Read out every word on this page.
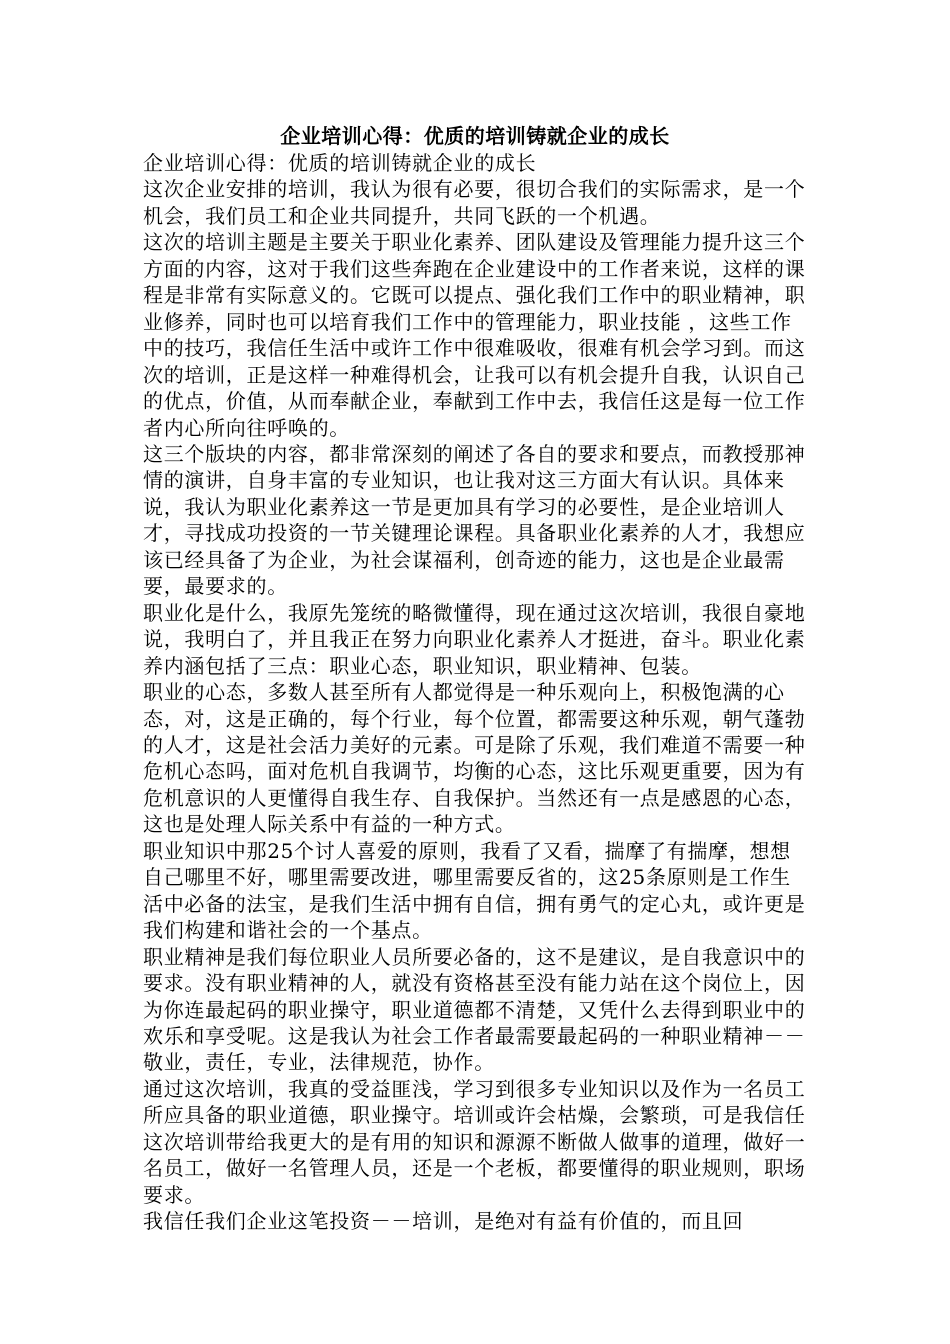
企业培训心得：优质的培训铸就企业的成长

企业培训心得：优质的培训铸就企业的成长

这次企业安排的培训，我认为很有必要，很切合我们的实际需求，是一个机会，我们员工和企业共同提升，共同飞跃的一个机遇。

这次的培训主题是主要关于职业化素养、团队建设及管理能力提升这三个方面的内容，这对于我们这些奔跑在企业建设中的工作者来说，这样的课程是非常有实际意义的。它既可以提点、强化我们工作中的职业精神，职业修养，同时也可以培育我们工作中的管理能力，职业技能 ，这些工作中的技巧，我信任生活中或许工作中很难吸收，很难有机会学习到。而这次的培训，正是这样一种难得机会，让我可以有机会提升自我，认识自己的优点，价值，从而奉献企业，奉献到工作中去，我信任这是每一位工作者内心所向往呼唤的。

这三个版块的内容，都非常深刻的阐述了各自的要求和要点，而教授那神情的演讲，自身丰富的专业知识，也让我对这三方面大有认识。具体来说，我认为职业化素养这一节是更加具有学习的必要性，是企业培训人才，寻找成功投资的一节关键理论课程。具备职业化素养的人才，我想应该已经具备了为企业，为社会谋福利，创奇迹的能力，这也是企业最需要，最要求的。

职业化是什么，我原先笼统的略微懂得，现在通过这次培训，我很自豪地说，我明白了，并且我正在努力向职业化素养人才挺进，奋斗。职业化素养内涵包括了三点：职业心态，职业知识，职业精神、包装。

职业的心态，多数人甚至所有人都觉得是一种乐观向上，积极饱满的心态，对，这是正确的，每个行业，每个位置，都需要这种乐观，朝气蓬勃的人才，这是社会活力美好的元素。可是除了乐观，我们难道不需要一种危机心态吗，面对危机自我调节，均衡的心态，这比乐观更重要，因为有危机意识的人更懂得自我生存、自我保护。当然还有一点是感恩的心态，这也是处理人际关系中有益的一种方式。

职业知识中那25个讨人喜爱的原则，我看了又看，揣摩了有揣摩，想想自己哪里不好，哪里需要改进，哪里需要反省的，这25条原则是工作生活中必备的法宝，是我们生活中拥有自信，拥有勇气的定心丸，或许更是我们构建和谐社会的一个基点。

职业精神是我们每位职业人员所要必备的，这不是建议，是自我意识中的要求。没有职业精神的人，就没有资格甚至没有能力站在这个岗位上，因为你连最起码的职业操守，职业道德都不清楚，又凭什么去得到职业中的欢乐和享受呢。这是我认为社会工作者最需要最起码的一种职业精神－－敬业，责任，专业，法律规范，协作。

通过这次培训，我真的受益匪浅，学习到很多专业知识以及作为一名员工所应具备的职业道德，职业操守。培训或许会枯燥，会繁琐，可是我信任这次培训带给我更大的是有用的知识和源源不断做人做事的道理，做好一名员工，做好一名管理人员，还是一个老板，都要懂得的职业规则，职场要求。

我信任我们企业这笔投资－－培训，是绝对有益有价值的，而且回
